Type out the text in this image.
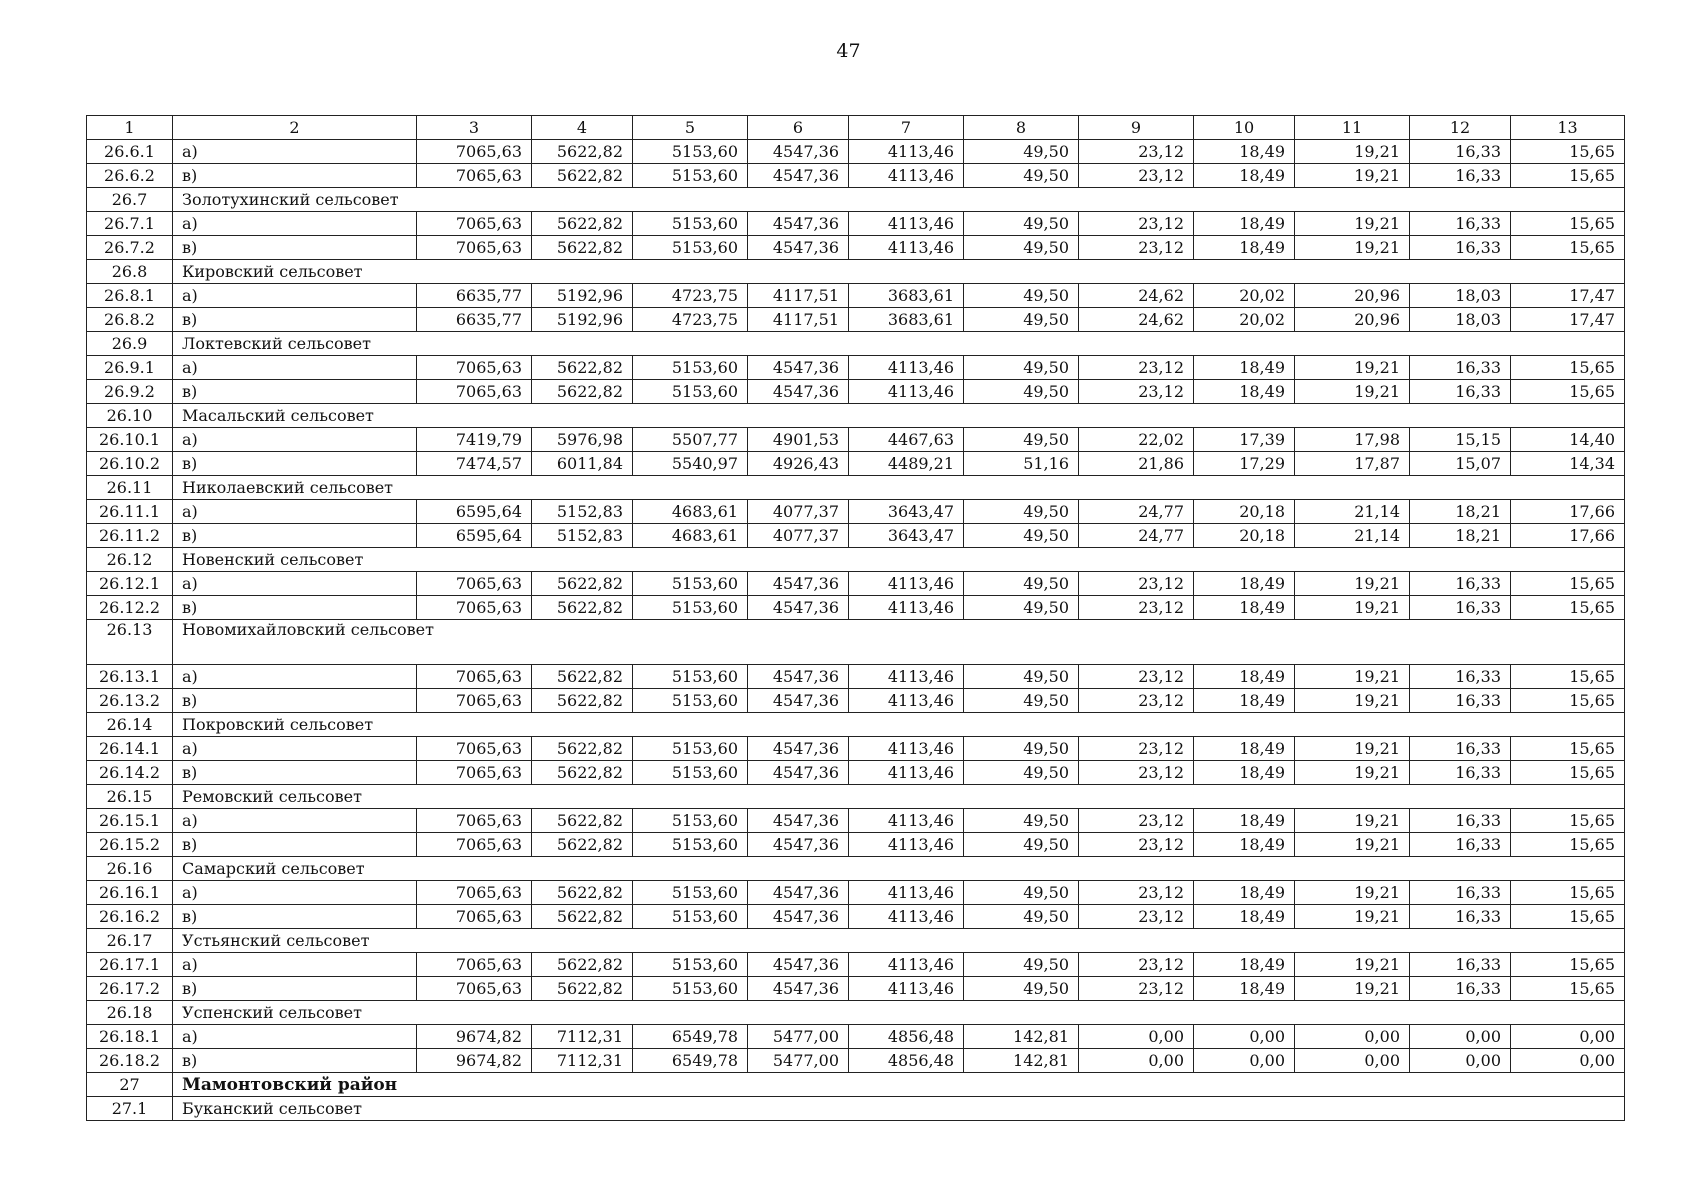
47
1	2	3	4	5	6	7	8	9	10	11	12	13
26.6.1	а)	7065,63	5622,82	5153,60	4547,36	4113,46	49,50	23,12	18,49	19,21	16,33	15,65
26.6.2	в)	7065,63	5622,82	5153,60	4547,36	4113,46	49,50	23,12	18,49	19,21	16,33	15,65
26.7	Золотухинский сельсовет											
26.7.1	а)	7065,63	5622,82	5153,60	4547,36	4113,46	49,50	23,12	18,49	19,21	16,33	15,65
26.7.2	в)	7065,63	5622,82	5153,60	4547,36	4113,46	49,50	23,12	18,49	19,21	16,33	15,65
26.8	Кировский сельсовет											
26.8.1	а)	6635,77	5192,96	4723,75	4117,51	3683,61	49,50	24,62	20,02	20,96	18,03	17,47
26.8.2	в)	6635,77	5192,96	4723,75	4117,51	3683,61	49,50	24,62	20,02	20,96	18,03	17,47
26.9	Локтевский сельсовет											
26.9.1	а)	7065,63	5622,82	5153,60	4547,36	4113,46	49,50	23,12	18,49	19,21	16,33	15,65
26.9.2	в)	7065,63	5622,82	5153,60	4547,36	4113,46	49,50	23,12	18,49	19,21	16,33	15,65
26.10	Масальский сельсовет											
26.10.1	а)	7419,79	5976,98	5507,77	4901,53	4467,63	49,50	22,02	17,39	17,98	15,15	14,40
26.10.2	в)	7474,57	6011,84	5540,97	4926,43	4489,21	51,16	21,86	17,29	17,87	15,07	14,34
26.11	Николаевский сельсовет											
26.11.1	а)	6595,64	5152,83	4683,61	4077,37	3643,47	49,50	24,77	20,18	21,14	18,21	17,66
26.11.2	в)	6595,64	5152,83	4683,61	4077,37	3643,47	49,50	24,77	20,18	21,14	18,21	17,66
26.12	Новенский сельсовет											
26.12.1	а)	7065,63	5622,82	5153,60	4547,36	4113,46	49,50	23,12	18,49	19,21	16,33	15,65
26.12.2	в)	7065,63	5622,82	5153,60	4547,36	4113,46	49,50	23,12	18,49	19,21	16,33	15,65
26.13	Новомихайловский сельсовет											
26.13.1	а)	7065,63	5622,82	5153,60	4547,36	4113,46	49,50	23,12	18,49	19,21	16,33	15,65
26.13.2	в)	7065,63	5622,82	5153,60	4547,36	4113,46	49,50	23,12	18,49	19,21	16,33	15,65
26.14	Покровский сельсовет											
26.14.1	а)	7065,63	5622,82	5153,60	4547,36	4113,46	49,50	23,12	18,49	19,21	16,33	15,65
26.14.2	в)	7065,63	5622,82	5153,60	4547,36	4113,46	49,50	23,12	18,49	19,21	16,33	15,65
26.15	Ремовский сельсовет											
26.15.1	а)	7065,63	5622,82	5153,60	4547,36	4113,46	49,50	23,12	18,49	19,21	16,33	15,65
26.15.2	в)	7065,63	5622,82	5153,60	4547,36	4113,46	49,50	23,12	18,49	19,21	16,33	15,65
26.16	Самарский сельсовет											
26.16.1	а)	7065,63	5622,82	5153,60	4547,36	4113,46	49,50	23,12	18,49	19,21	16,33	15,65
26.16.2	в)	7065,63	5622,82	5153,60	4547,36	4113,46	49,50	23,12	18,49	19,21	16,33	15,65
26.17	Устьянский сельсовет											
26.17.1	а)	7065,63	5622,82	5153,60	4547,36	4113,46	49,50	23,12	18,49	19,21	16,33	15,65
26.17.2	в)	7065,63	5622,82	5153,60	4547,36	4113,46	49,50	23,12	18,49	19,21	16,33	15,65
26.18	Успенский сельсовет											
26.18.1	а)	9674,82	7112,31	6549,78	5477,00	4856,48	142,81	0,00	0,00	0,00	0,00	0,00
26.18.2	в)	9674,82	7112,31	6549,78	5477,00	4856,48	142,81	0,00	0,00	0,00	0,00	0,00
27	Мамонтовский район											
27.1	Буканский сельсовет											
